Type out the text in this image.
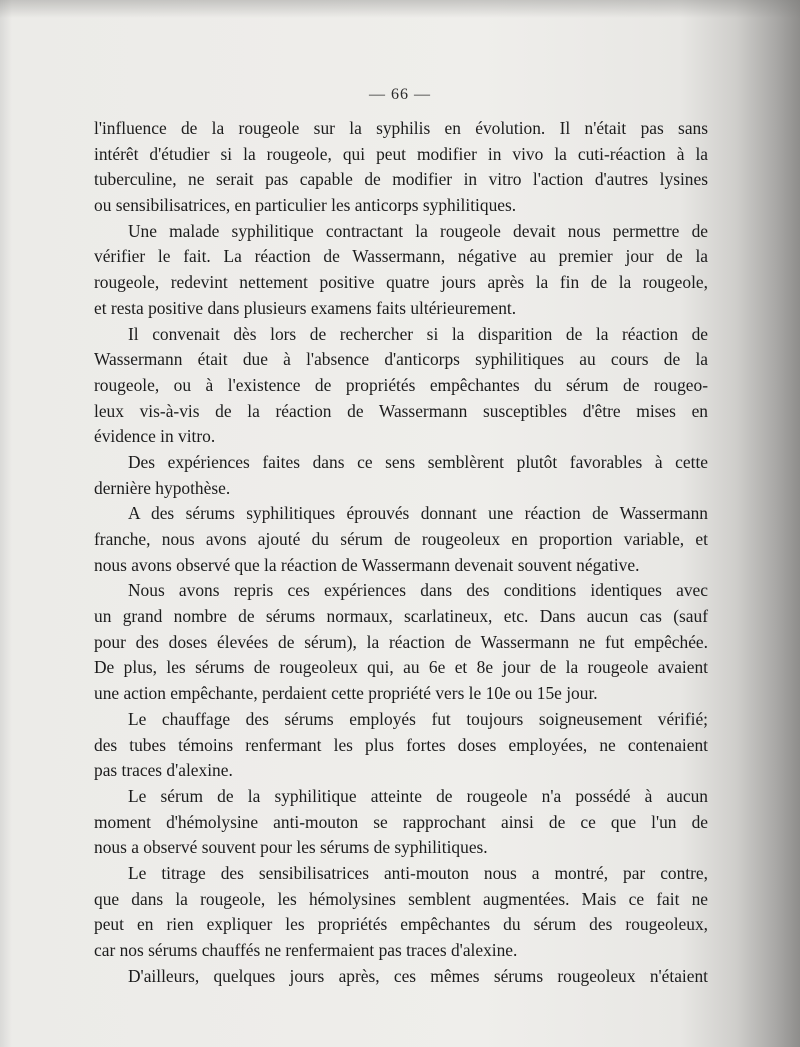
— 66 —
l'influence de la rougeole sur la syphilis en évolution. Il n'était pas sans
intérêt d'étudier si la rougeole, qui peut modifier in vivo la cuti-réaction à la
tuberculine, ne serait pas capable de modifier in vitro l'action d'autres lysines
ou sensibilisatrices, en particulier les anticorps syphilitiques.
Une malade syphilitique contractant la rougeole devait nous permettre de
vérifier le fait. La réaction de Wassermann, négative au premier jour de la
rougeole, redevint nettement positive quatre jours après la fin de la rougeole,
et resta positive dans plusieurs examens faits ultérieurement.
Il convenait dès lors de rechercher si la disparition de la réaction de
Wassermann était due à l'absence d'anticorps syphilitiques au cours de la
rougeole, ou à l'existence de propriétés empêchantes du sérum de rougeo-
leux vis-à-vis de la réaction de Wassermann susceptibles d'être mises en
évidence in vitro.
Des expériences faites dans ce sens semblèrent plutôt favorables à cette
dernière hypothèse.
A des sérums syphilitiques éprouvés donnant une réaction de Wassermann
franche, nous avons ajouté du sérum de rougeoleux en proportion variable, et
nous avons observé que la réaction de Wassermann devenait souvent négative.
Nous avons repris ces expériences dans des conditions identiques avec
un grand nombre de sérums normaux, scarlatineux, etc. Dans aucun cas (sauf
pour des doses élevées de sérum), la réaction de Wassermann ne fut empêchée.
De plus, les sérums de rougeoleux qui, au 6e et 8e jour de la rougeole avaient
une action empêchante, perdaient cette propriété vers le 10e ou 15e jour.
Le chauffage des sérums employés fut toujours soigneusement vérifié;
des tubes témoins renfermant les plus fortes doses employées, ne contenaient
pas traces d'alexine.
Le sérum de la syphilitique atteinte de rougeole n'a possédé à aucun
moment d'hémolysine anti-mouton se rapprochant ainsi de ce que l'un de
nous a observé souvent pour les sérums de syphilitiques.
Le titrage des sensibilisatrices anti-mouton nous a montré, par contre,
que dans la rougeole, les hémolysines semblent augmentées. Mais ce fait ne
peut en rien expliquer les propriétés empêchantes du sérum des rougeoleux,
car nos sérums chauffés ne renfermaient pas traces d'alexine.
D'ailleurs, quelques jours après, ces mêmes sérums rougeoleux n'étaient
